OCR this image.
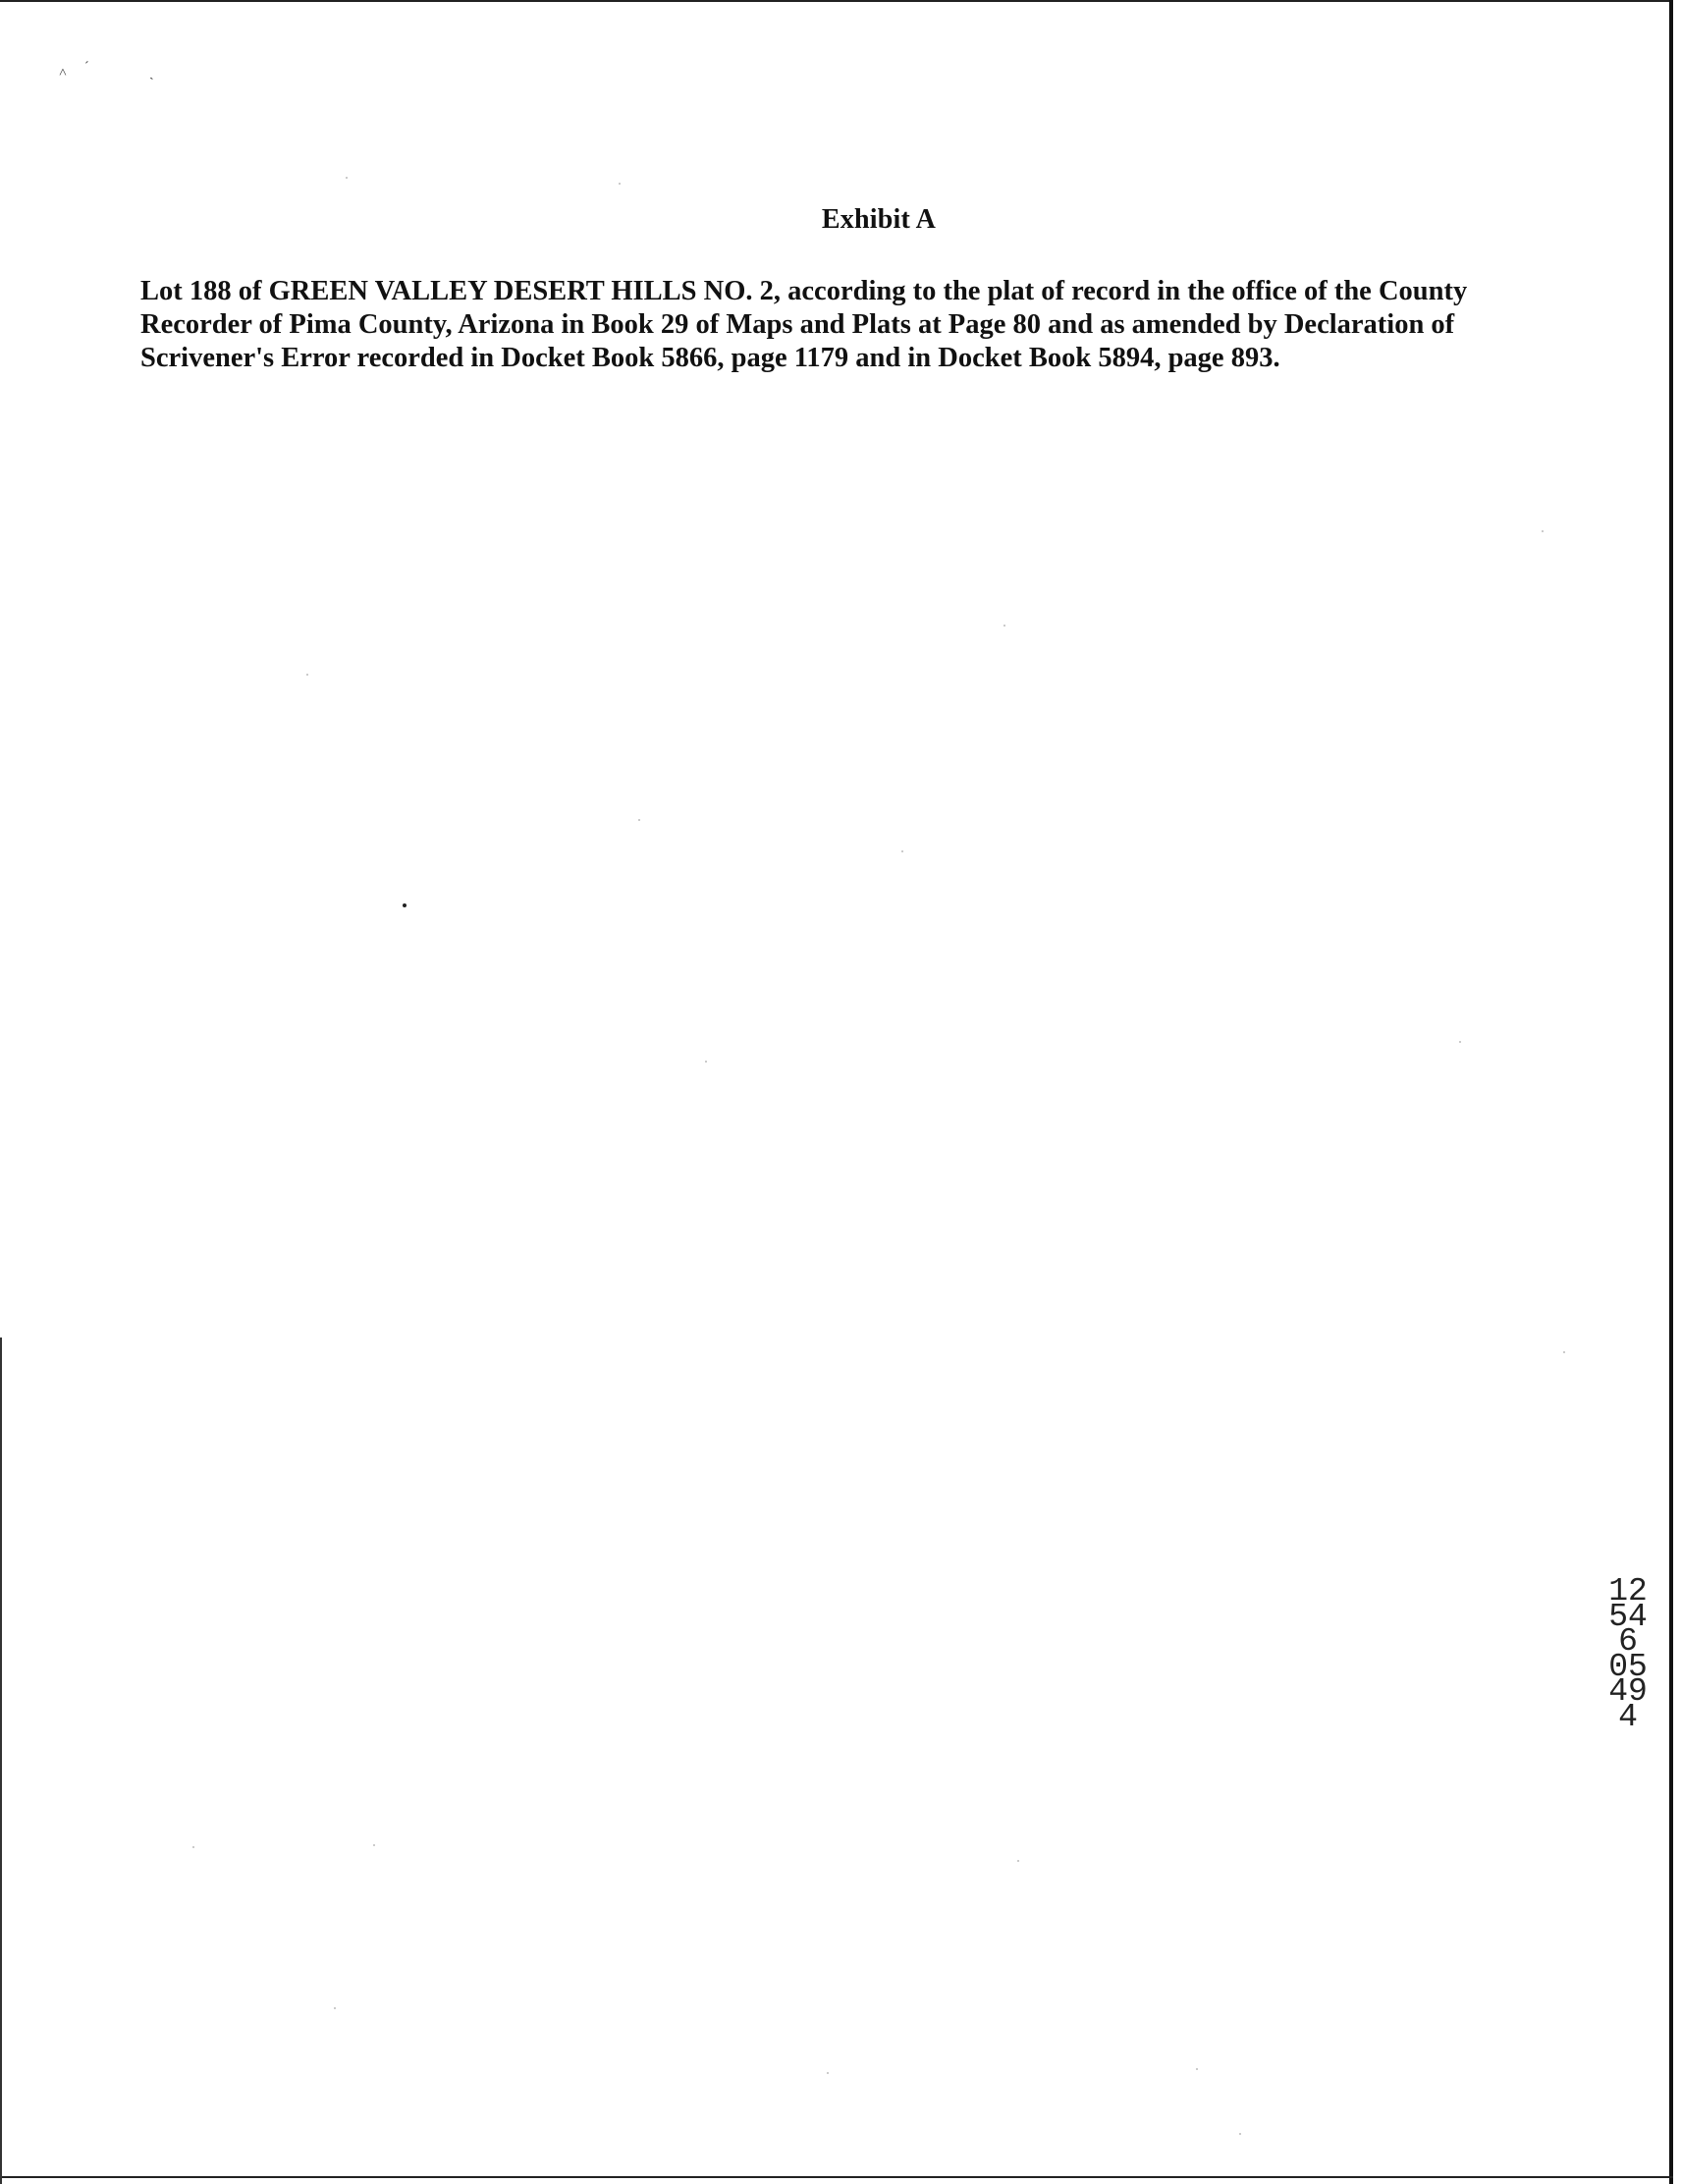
˄ ˊ	ˎ
Exhibit A

Lot 188 of GREEN VALLEY DESERT HILLS NO. 2, according to the plat of record in the office of the County Recorder of Pima County, Arizona in Book 29 of Maps and Plats at Page 80 and as amended by Declaration of Scrivener's Error recorded in Docket Book 5866, page 1179 and in Docket Book 5894, page 893.

12546 05494
